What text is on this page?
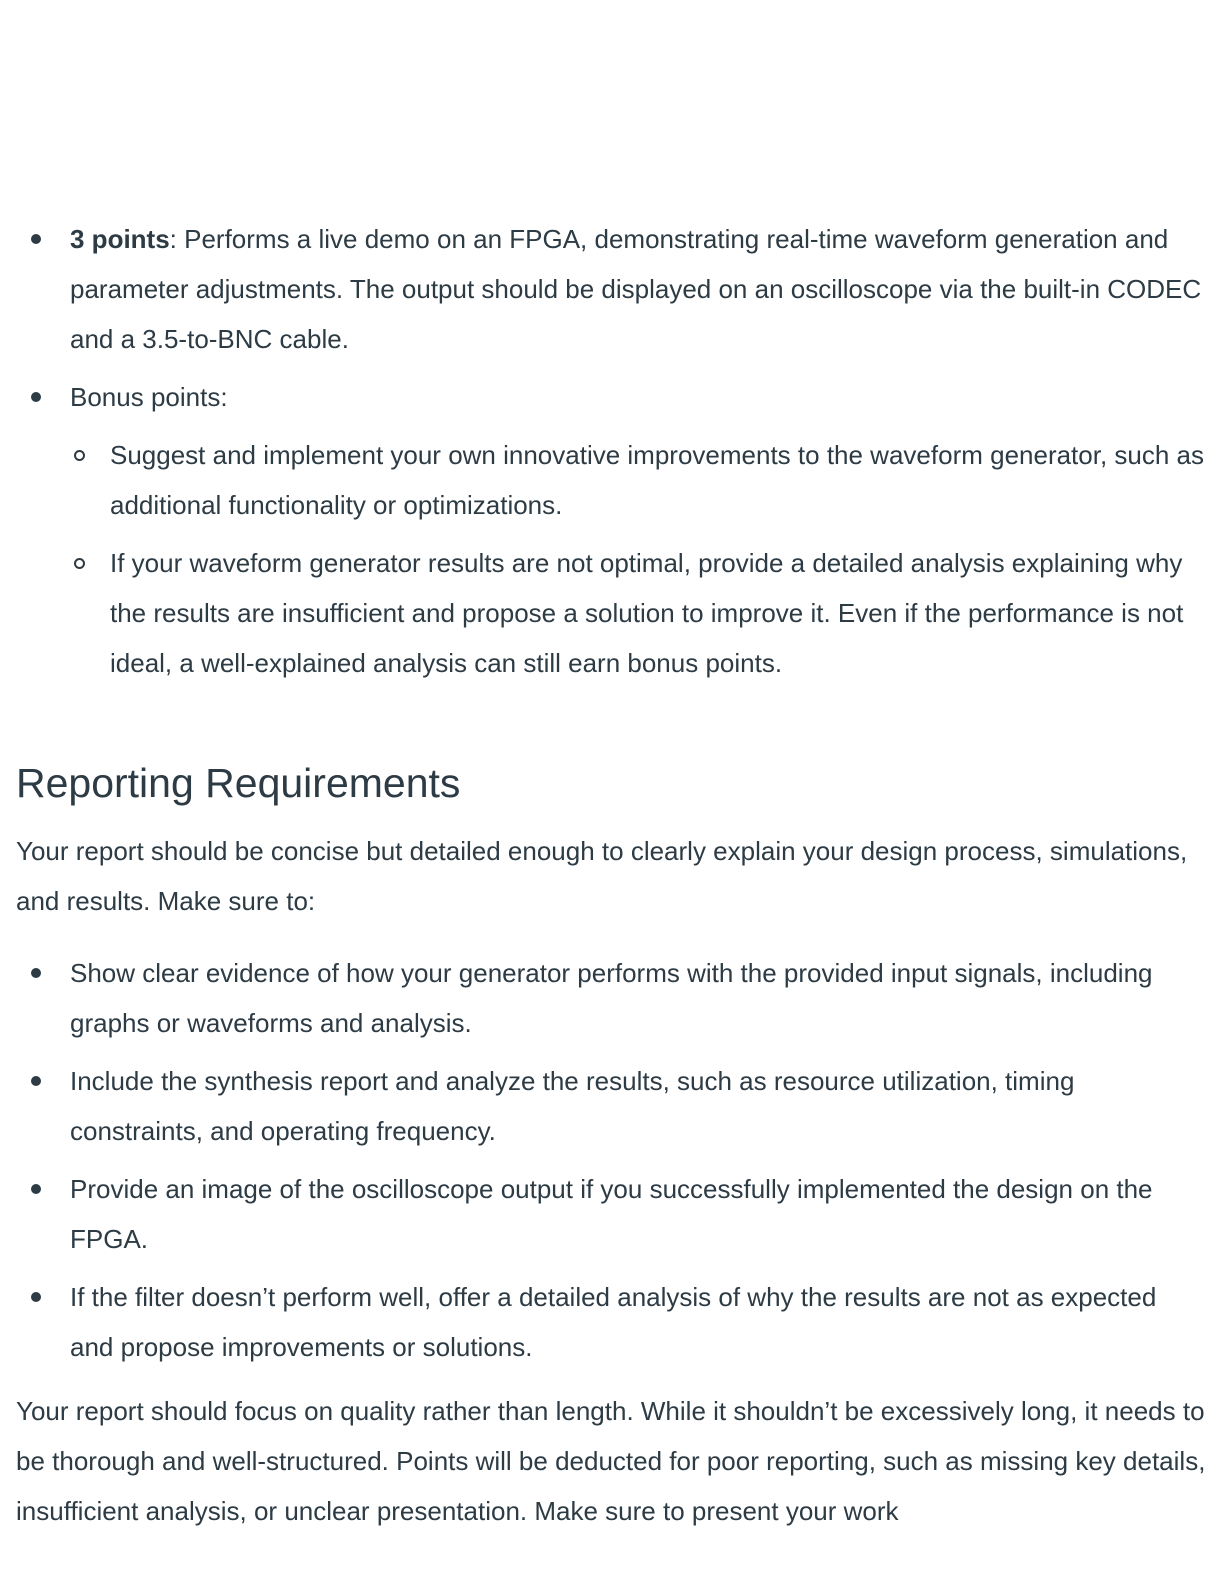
3 points: Performs a live demo on an FPGA, demonstrating real-time waveform generation and parameter adjustments. The output should be displayed on an oscilloscope via the built-in CODEC and a 3.5-to-BNC cable.
Bonus points:
Suggest and implement your own innovative improvements to the waveform generator, such as additional functionality or optimizations.
If your waveform generator results are not optimal, provide a detailed analysis explaining why the results are insufficient and propose a solution to improve it. Even if the performance is not ideal, a well-explained analysis can still earn bonus points.
Reporting Requirements

Your report should be concise but detailed enough to clearly explain your design process, simulations, and results. Make sure to:

Show clear evidence of how your generator performs with the provided input signals, including graphs or waveforms and analysis.
Include the synthesis report and analyze the results, such as resource utilization, timing constraints, and operating frequency.
Provide an image of the oscilloscope output if you successfully implemented the design on the FPGA.
If the filter doesn’t perform well, offer a detailed analysis of why the results are not as expected and propose improvements or solutions.

Your report should focus on quality rather than length. While it shouldn’t be excessively long, it needs to be thorough and well-structured. Points will be deducted for poor reporting, such as missing key details, insufficient analysis, or unclear presentation. Make sure to present your work
